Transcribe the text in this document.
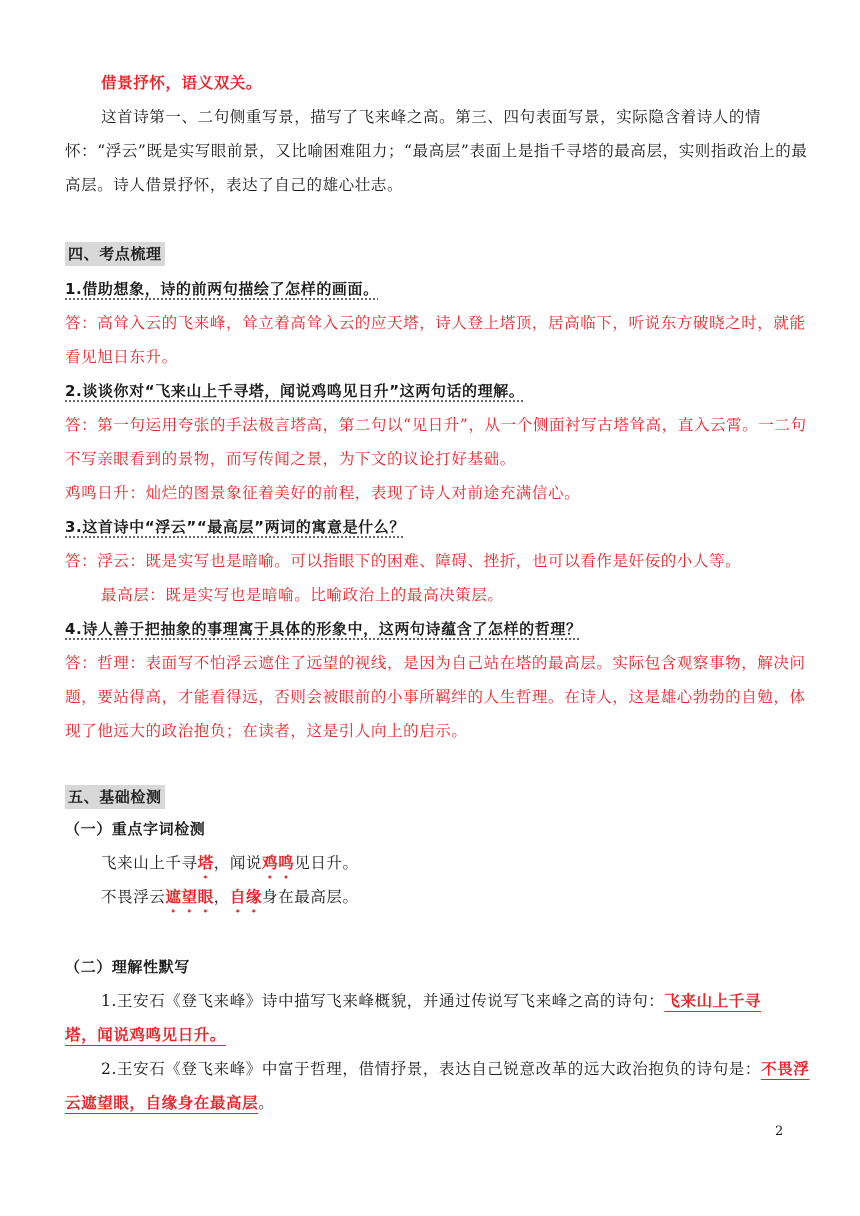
借景抒怀，语义双关。

这首诗第一、二句侧重写景，描写了飞来峰之高。第三、四句表面写景，实际隐含着诗人的情怀：“浮云”既是实写眼前景，又比喻困难阻力；“最高层”表面上是指千寻塔的最高层，实则指政治上的最高层。诗人借景抒怀，表达了自己的雄心壮志。

四、考点梳理

1.借助想象，诗的前两句描绘了怎样的画面。

答：高耸入云的飞来峰，耸立着高耸入云的应天塔，诗人登上塔顶，居高临下，听说东方破晓之时，就能看见旭日东升。

2.谈谈你对“飞来山上千寻塔，闻说鸡鸣见日升”这两句话的理解。

答：第一句运用夸张的手法极言塔高，第二句以“见日升”，从一个侧面衬写古塔耸高，直入云霄。一二句不写亲眼看到的景物，而写传闻之景，为下文的议论打好基础。

鸡鸣日升：灿烂的图景象征着美好的前程，表现了诗人对前途充满信心。

3.这首诗中“浮云”“最高层”两词的寓意是什么？

答：浮云：既是实写也是暗喻。可以指眼下的困难、障碍、挫折，也可以看作是奸佞的小人等。

最高层：既是实写也是暗喻。比喻政治上的最高决策层。

4.诗人善于把抽象的事理寓于具体的形象中，这两句诗蕴含了怎样的哲理？

答：哲理：表面写不怕浮云遮住了远望的视线，是因为自己站在塔的最高层。实际包含观察事物，解决问题，要站得高，才能看得远，否则会被眼前的小事所羁绊的人生哲理。在诗人，这是雄心勃勃的自勉，体现了他远大的政治抱负；在读者，这是引人向上的启示。

五、基础检测

（一）重点字词检测

飞来山上千寻塔，闻说鸡鸣见日升。

不畏浮云遮望眼，自缘身在最高层。

（二）理解性默写

1.王安石《登飞来峰》诗中描写飞来峰概貌，并通过传说写飞来峰之高的诗句：飞来山上千寻
塔，闻说鸡鸣见日升。

2.王安石《登飞来峰》中富于哲理，借情抒景，表达自己锐意改革的远大政治抱负的诗句是：不畏浮云遮望眼，自缘身在最高层。

2
